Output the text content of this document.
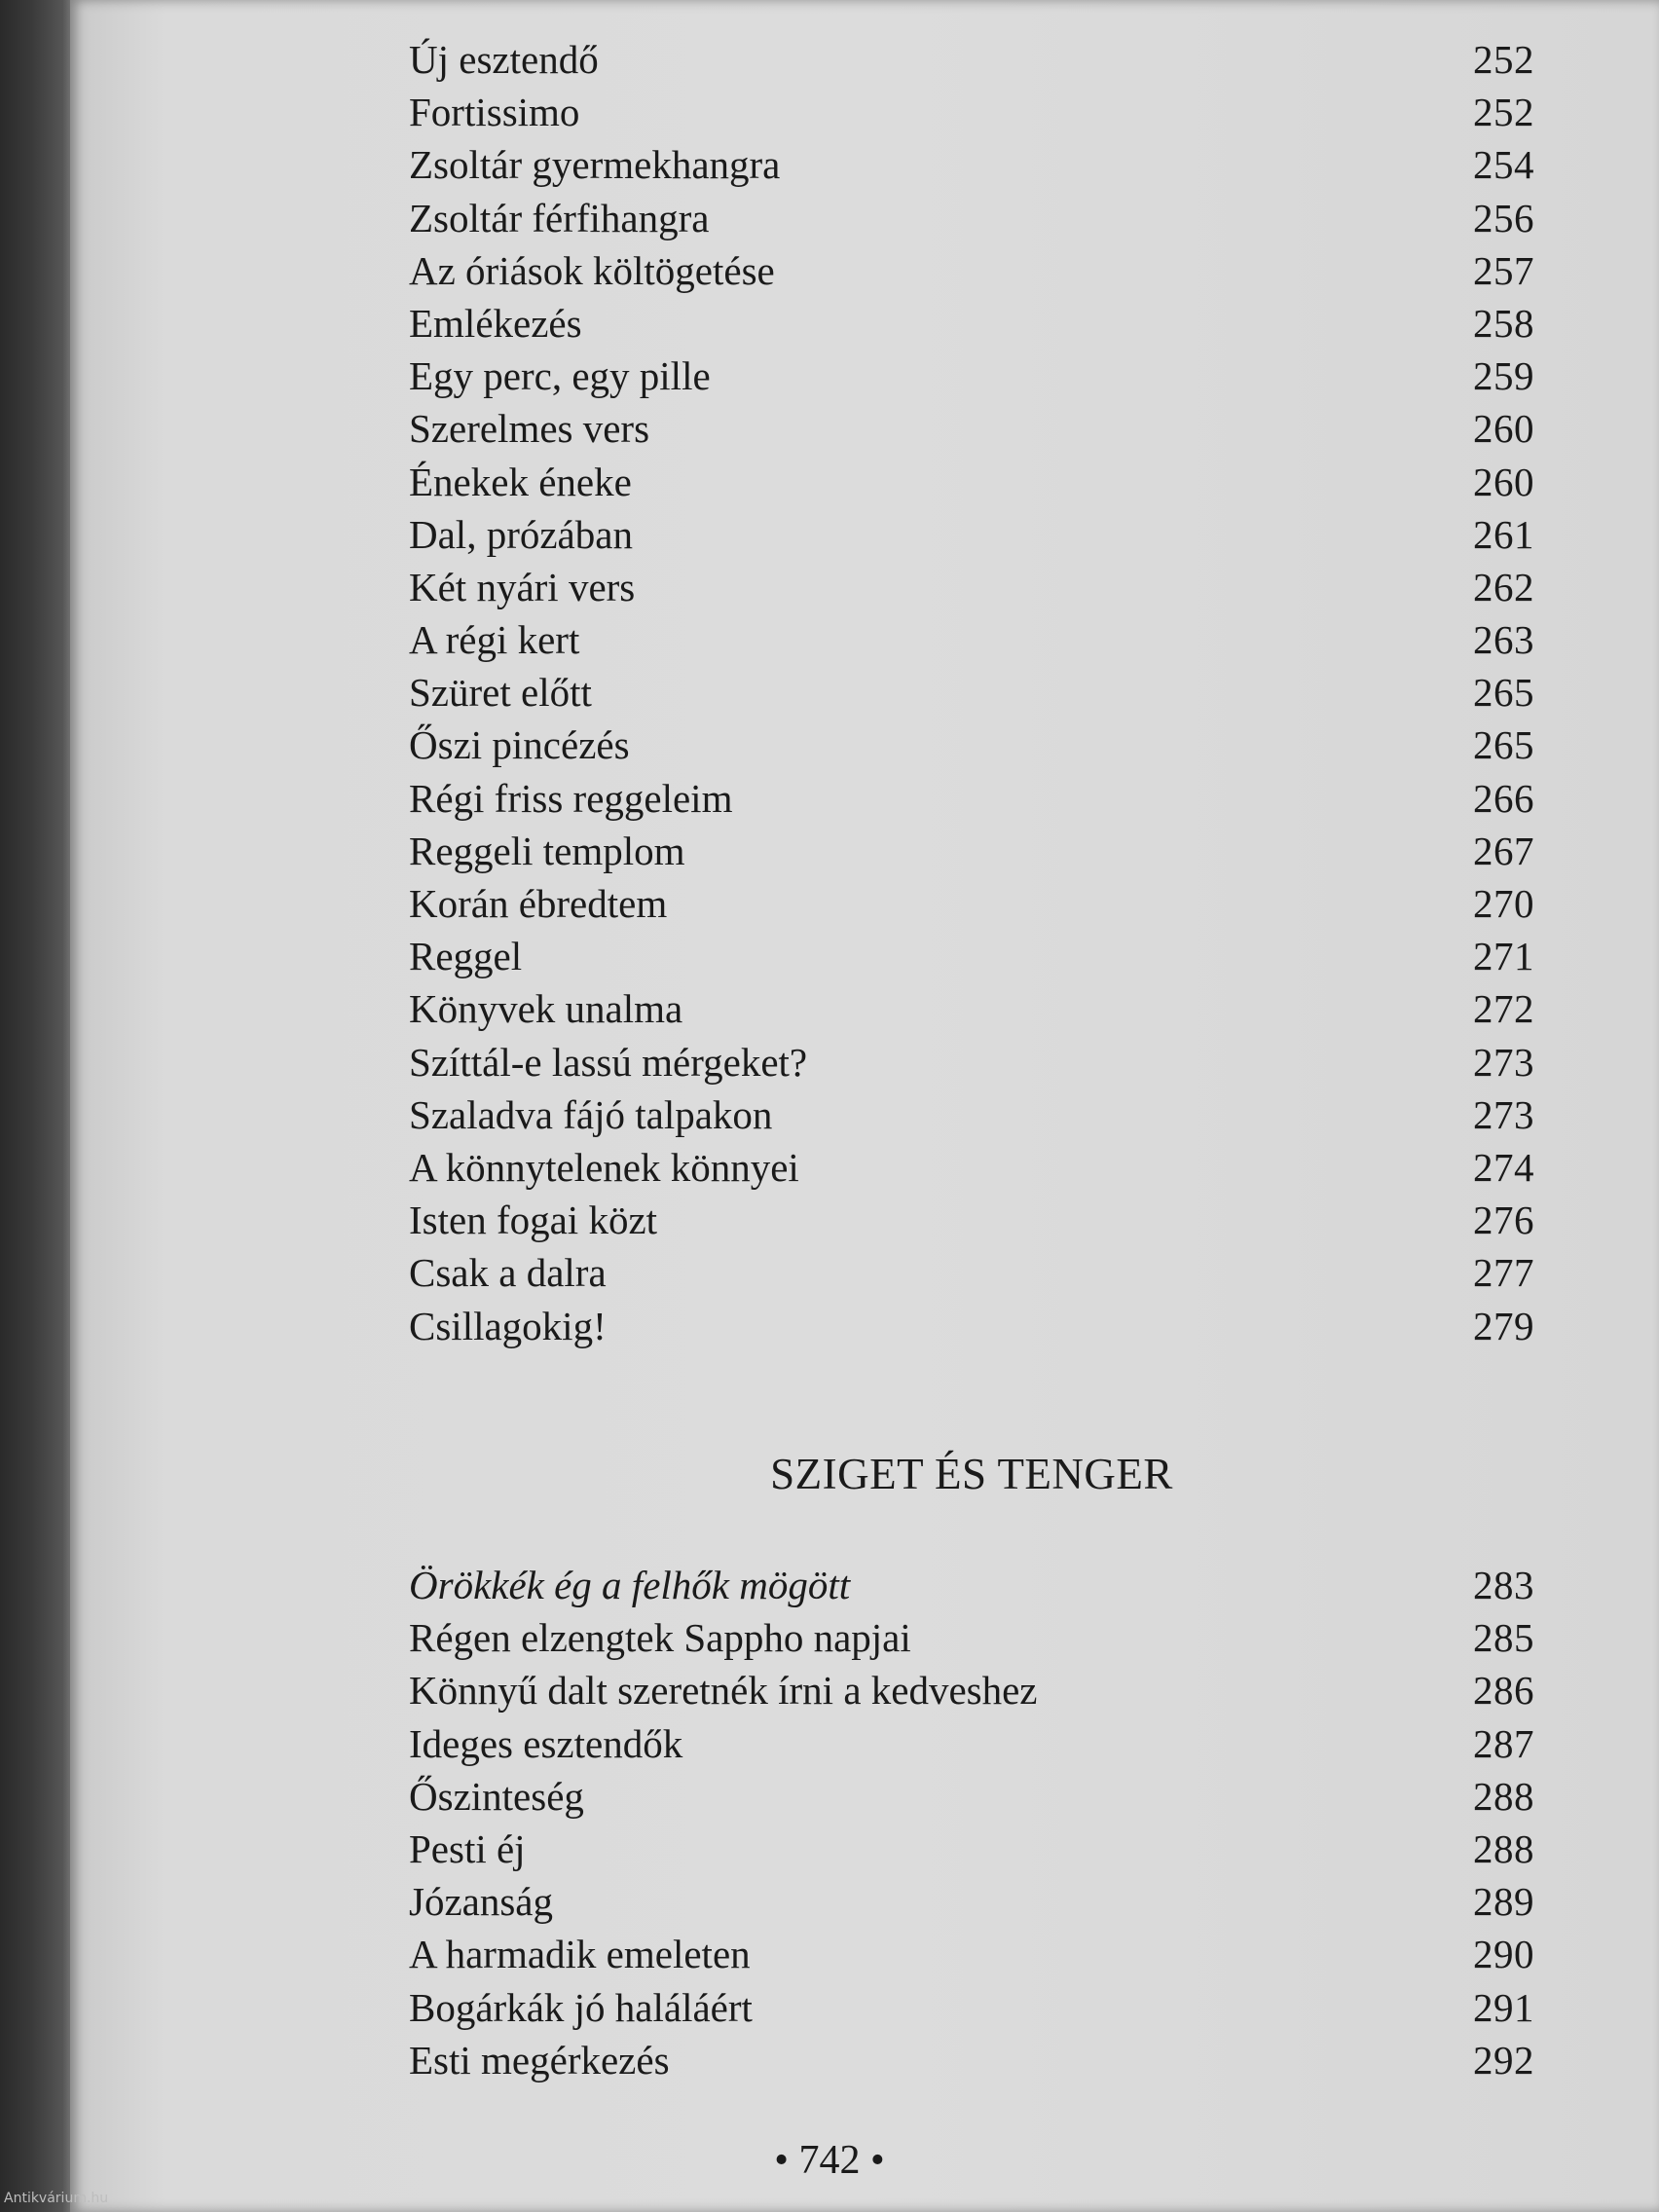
Új esztendő	252
Fortissimo	252
Zsoltár gyermekhangra	254
Zsoltár férfihangra	256
Az óriások költögetése	257
Emlékezés	258
Egy perc, egy pille	259
Szerelmes vers	260
Énekek éneke	260
Dal, prózában	261
Két nyári vers	262
A régi kert	263
Szüret előtt	265
Őszi pincézés	265
Régi friss reggeleim	266
Reggeli templom	267
Korán ébredtem	270
Reggel	271
Könyvek unalma	272
Szíttál-e lassú mérgeket?	273
Szaladva fájó talpakon	273
A könnytelenek könnyei	274
Isten fogai közt	276
Csak a dalra	277
Csillagokig!	279
SZIGET ÉS TENGER
Örökkék ég a felhők mögött	283
Régen elzengtek Sappho napjai	285
Könnyű dalt szeretnék írni a kedveshez	286
Ideges esztendők	287
Őszinteség	288
Pesti éj	288
Józanság	289
A harmadik emeleten	290
Bogárkák jó haláláért	291
Esti megérkezés	292
• 742 •
Antikvárium.hu
